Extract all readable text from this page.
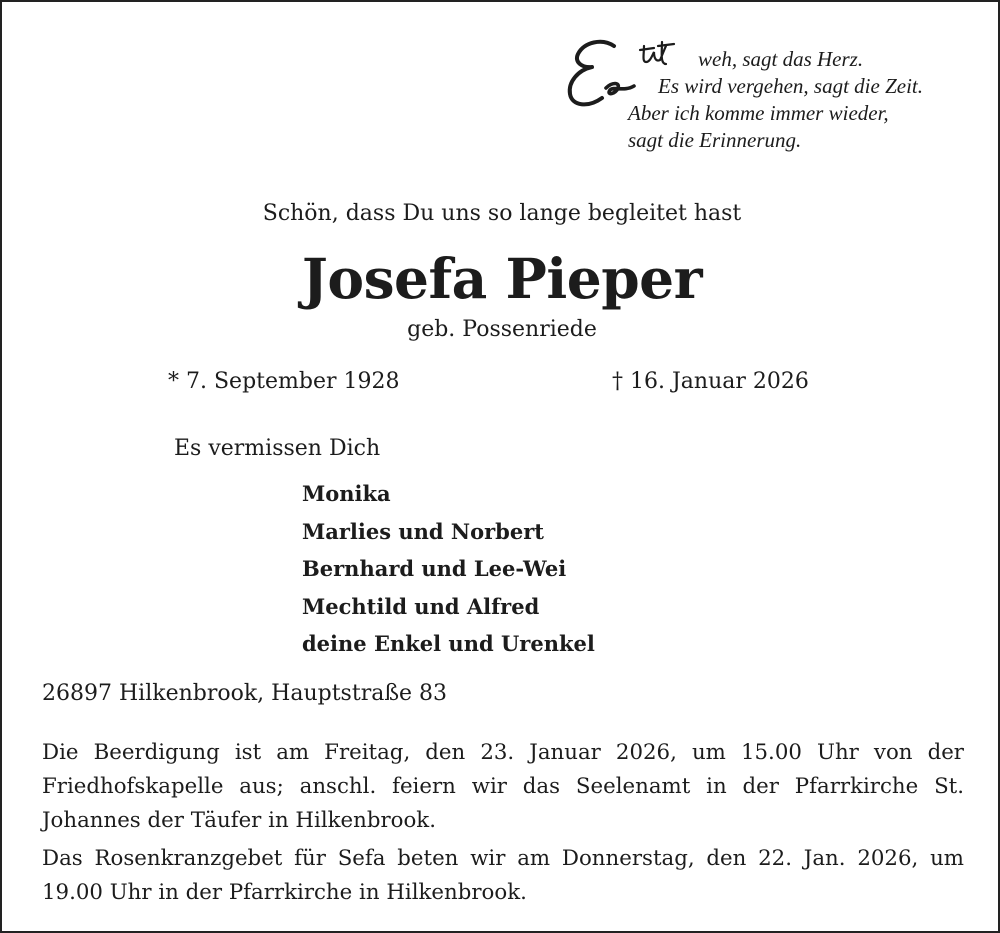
weh, sagt das Herz.
Es wird vergehen, sagt die Zeit.
Aber ich komme immer wieder,
sagt die Erinnerung.
Schön, dass Du uns so lange begleitet hast
Josefa Pieper
geb. Possenriede
* 7. September 1928	† 16. Januar 2026
Es vermissen Dich
Monika
Marlies und Norbert
Bernhard und Lee-Wei
Mechtild und Alfred
deine Enkel und Urenkel
26897 Hilkenbrook, Hauptstraße 83

Die Beerdigung ist am Freitag, den 23. Januar 2026, um 15.00 Uhr von der Friedhofskapelle aus; anschl. feiern wir das Seelenamt in der Pfarrkirche St. Johannes der Täufer in Hilkenbrook.

Das Rosenkranzgebet für Sefa beten wir am Donnerstag, den 22. Jan. 2026, um 19.00 Uhr in der Pfarrkirche in Hilkenbrook.
